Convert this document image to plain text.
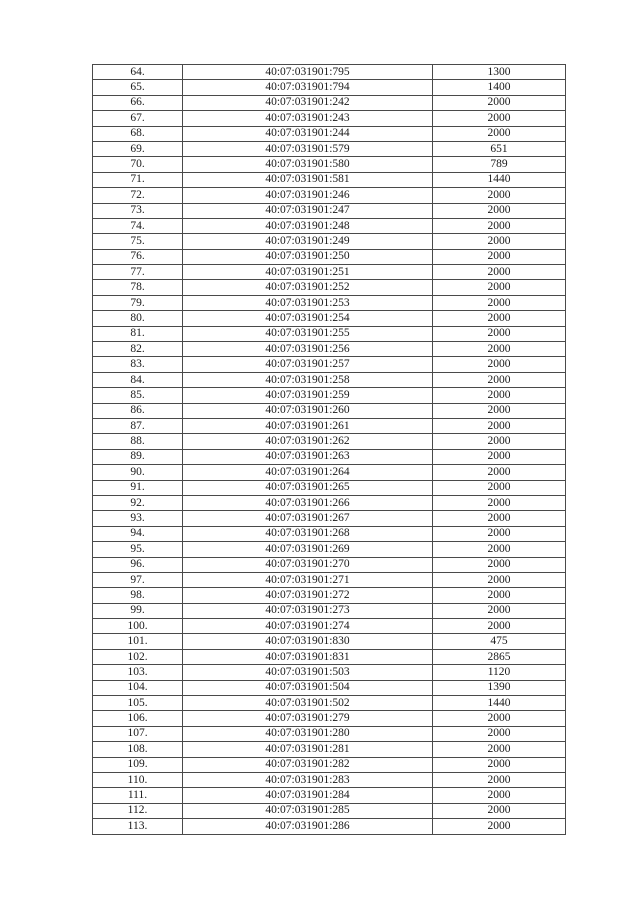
64.	40:07:031901:795	1300
65.	40:07:031901:794	1400
66.	40:07:031901:242	2000
67.	40:07:031901:243	2000
68.	40:07:031901:244	2000
69.	40:07:031901:579	651
70.	40:07:031901:580	789
71.	40:07:031901:581	1440
72.	40:07:031901:246	2000
73.	40:07:031901:247	2000
74.	40:07:031901:248	2000
75.	40:07:031901:249	2000
76.	40:07:031901:250	2000
77.	40:07:031901:251	2000
78.	40:07:031901:252	2000
79.	40:07:031901:253	2000
80.	40:07:031901:254	2000
81.	40:07:031901:255	2000
82.	40:07:031901:256	2000
83.	40:07:031901:257	2000
84.	40:07:031901:258	2000
85.	40:07:031901:259	2000
86.	40:07:031901:260	2000
87.	40:07:031901:261	2000
88.	40:07:031901:262	2000
89.	40:07:031901:263	2000
90.	40:07:031901:264	2000
91.	40:07:031901:265	2000
92.	40:07:031901:266	2000
93.	40:07:031901:267	2000
94.	40:07:031901:268	2000
95.	40:07:031901:269	2000
96.	40:07:031901:270	2000
97.	40:07:031901:271	2000
98.	40:07:031901:272	2000
99.	40:07:031901:273	2000
100.	40:07:031901:274	2000
101.	40:07:031901:830	475
102.	40:07:031901:831	2865
103.	40:07:031901:503	1120
104.	40:07:031901:504	1390
105.	40:07:031901:502	1440
106.	40:07:031901:279	2000
107.	40:07:031901:280	2000
108.	40:07:031901:281	2000
109.	40:07:031901:282	2000
110.	40:07:031901:283	2000
111.	40:07:031901:284	2000
112.	40:07:031901:285	2000
113.	40:07:031901:286	2000
